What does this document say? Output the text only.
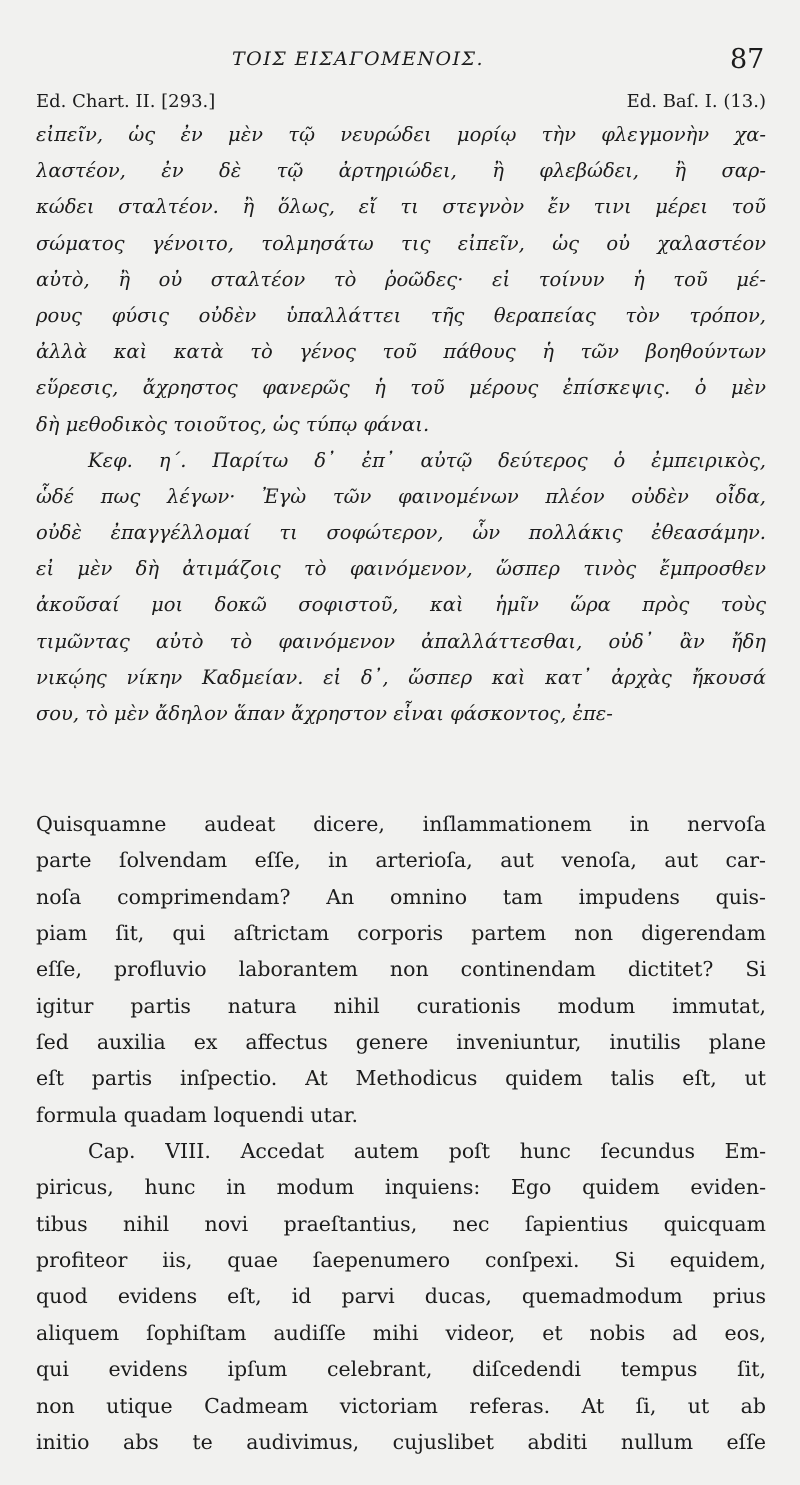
ΤΟΙΣ ΕΙΣΑΓΟΜΕΝΟΙΣ.	87
Ed. Chart. II. [293.]	Ed. Baſ. I. (13.)
εἰπεῖν, ὡς ἐν μὲν τῷ νευρώδει μορίῳ τὴν φλεγμονὴν χα-
λαστέον, ἐν δὲ τῷ ἀρτηριώδει, ἢ φλεβώδει, ἢ σαρ-
κώδει σταλτέον. ἢ ὅλως, εἴ τι στεγνὸν ἔν τινι μέρει τοῦ
σώματος γένοιτο, τολμησάτω τις εἰπεῖν, ὡς οὐ χαλαστέον
αὐτὸ, ἢ οὐ σταλτέον τὸ ῥοῶδες· εἰ τοίνυν ἡ τοῦ μέ-
ρους φύσις οὐδὲν ὑπαλλάττει τῆς θεραπείας τὸν τρόπον,
ἀλλὰ καὶ κατὰ τὸ γένος τοῦ πάθους ἡ τῶν βοηθούντων
εὕρεσις, ἄχρηστος φανερῶς ἡ τοῦ μέρους ἐπίσκεψις. ὁ μὲν
δὴ μεθοδικὸς τοιοῦτος, ὡς τύπῳ φάναι.
Κεφ. η΄. Παρίτω δ᾽ ἐπ᾽ αὐτῷ δεύτερος ὁ ἐμπειρικὸς,
ὧδέ πως λέγων· Ἐγὼ τῶν φαινομένων πλέον οὐδὲν οἶδα,
οὐδὲ ἐπαγγέλλομαί τι σοφώτερον, ὧν πολλάκις ἐθεασάμην.
εἰ μὲν δὴ ἀτιμάζοις τὸ φαινόμενον, ὥσπερ τινὸς ἔμπροσθεν
ἀκοῦσαί μοι δοκῶ σοφιστοῦ, καὶ ἡμῖν ὥρα πρὸς τοὺς
τιμῶντας αὐτὸ τὸ φαινόμενον ἀπαλλάττεσθαι, οὐδ᾽ ἂν ἤδη
νικῴης νίκην Καδμείαν. εἰ δ᾽, ὥσπερ καὶ κατ᾽ ἀρχὰς ἤκουσά
σου, τὸ μὲν ἄδηλον ἅπαν ἄχρηστον εἶναι φάσκοντος, ἐπε-
Quisquamne audeat dicere, inſlammationem in nervoſa
parte ſolvendam eſſe, in arterioſa, aut venoſa, aut car-
noſa comprimendam? An omnino tam impudens quis-
piam ſit, qui aſtrictam corporis partem non digerendam
eſſe, profluvio laborantem non continendam dictitet? Si
igitur partis natura nihil curationis modum immutat,
ſed auxilia ex affectus genere inveniuntur, inutilis plane
eſt partis inſpectio. At Methodicus quidem talis eſt, ut
formula quadam loquendi utar.
Cap. VIII. Accedat autem poſt hunc ſecundus Em-
piricus, hunc in modum inquiens: Ego quidem eviden-
tibus nihil novi praeſtantius, nec ſapientius quicquam
profiteor iis, quae ſaepenumero conſpexi. Si equidem,
quod evidens eſt, id parvi ducas, quemadmodum prius
aliquem ſophiſtam audiſſe mihi videor, et nobis ad eos,
qui evidens ipſum celebrant, diſcedendi tempus ſit,
non utique Cadmeam victoriam referas. At ſi, ut ab
initio abs te audivimus, cujuslibet abditi nullum eſſe
